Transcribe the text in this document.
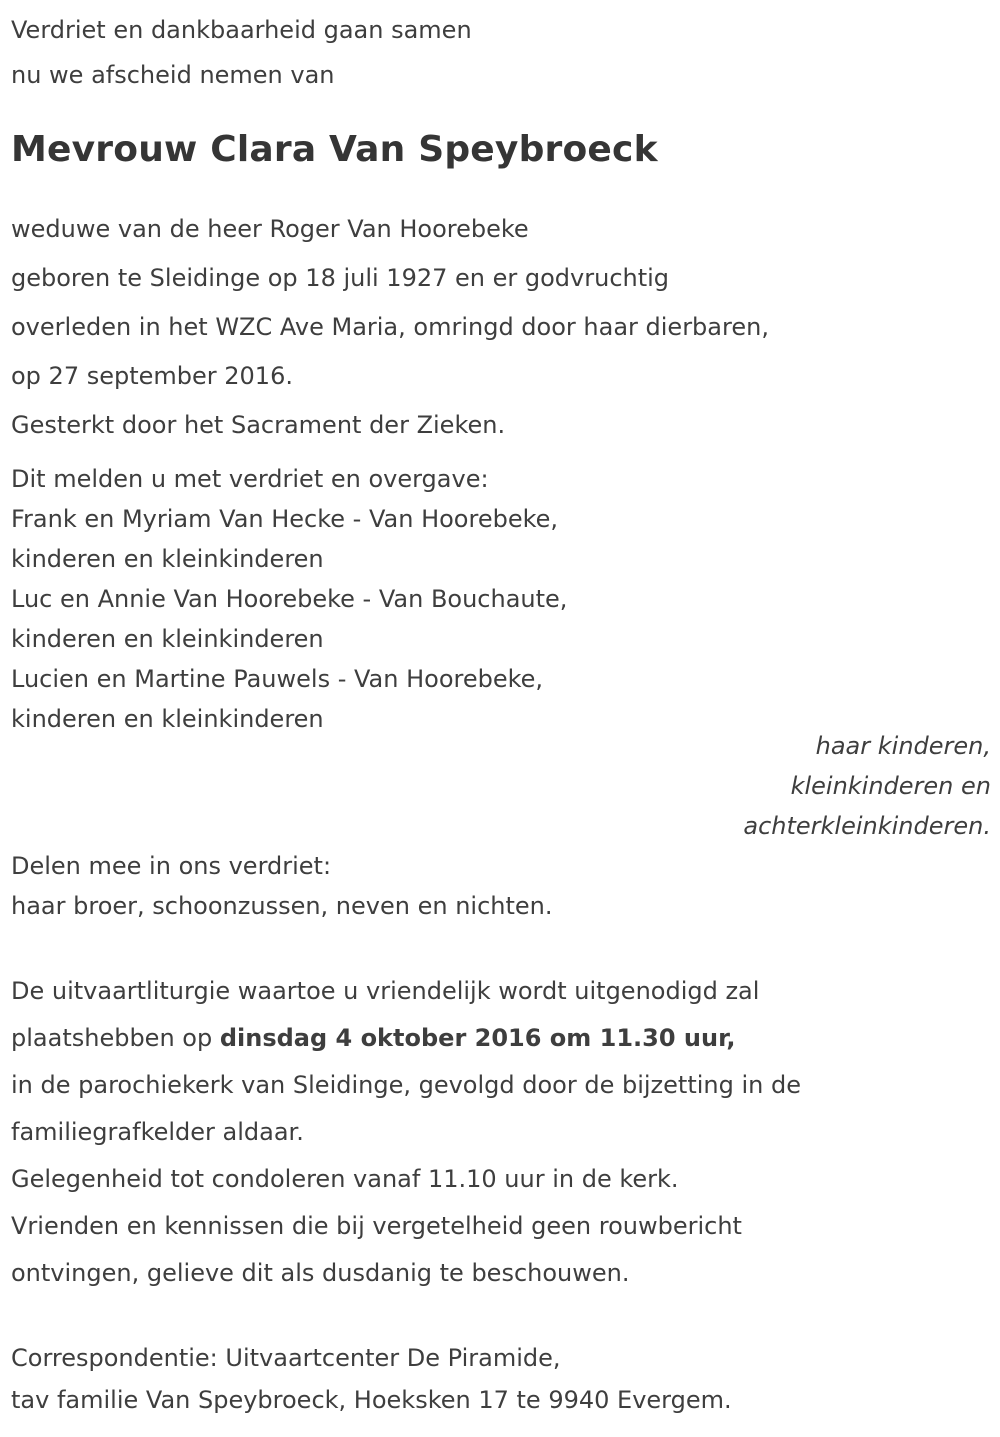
Verdriet en dankbaarheid gaan samen
nu we afscheid nemen van

Mevrouw Clara Van Speybroeck
weduwe van de heer Roger Van Hoorebeke
geboren te Sleidinge op 18 juli 1927 en er godvruchtig
overleden in het WZC Ave Maria, omringd door haar dierbaren,
op 27 september 2016.
Gesterkt door het Sacrament der Zieken.
Dit melden u met verdriet en overgave:
Frank en Myriam Van Hecke - Van Hoorebeke,
kinderen en kleinkinderen
Luc en Annie Van Hoorebeke - Van Bouchaute,
kinderen en kleinkinderen
Lucien en Martine Pauwels - Van Hoorebeke,
kinderen en kleinkinderen
haar kinderen,
kleinkinderen en
achterkleinkinderen.
Delen mee in ons verdriet:
haar broer, schoonzussen, neven en nichten.
De uitvaartliturgie waartoe u vriendelijk wordt uitgenodigd zal
plaatshebben op dinsdag 4 oktober 2016 om 11.30 uur,
in de parochiekerk van Sleidinge, gevolgd door de bijzetting in de
familiegrafkelder aldaar.
Gelegenheid tot condoleren vanaf 11.10 uur in de kerk.
Vrienden en kennissen die bij vergetelheid geen rouwbericht
ontvingen, gelieve dit als dusdanig te beschouwen.
Correspondentie: Uitvaartcenter De Piramide,
tav familie Van Speybroeck, Hoeksken 17 te 9940 Evergem.
